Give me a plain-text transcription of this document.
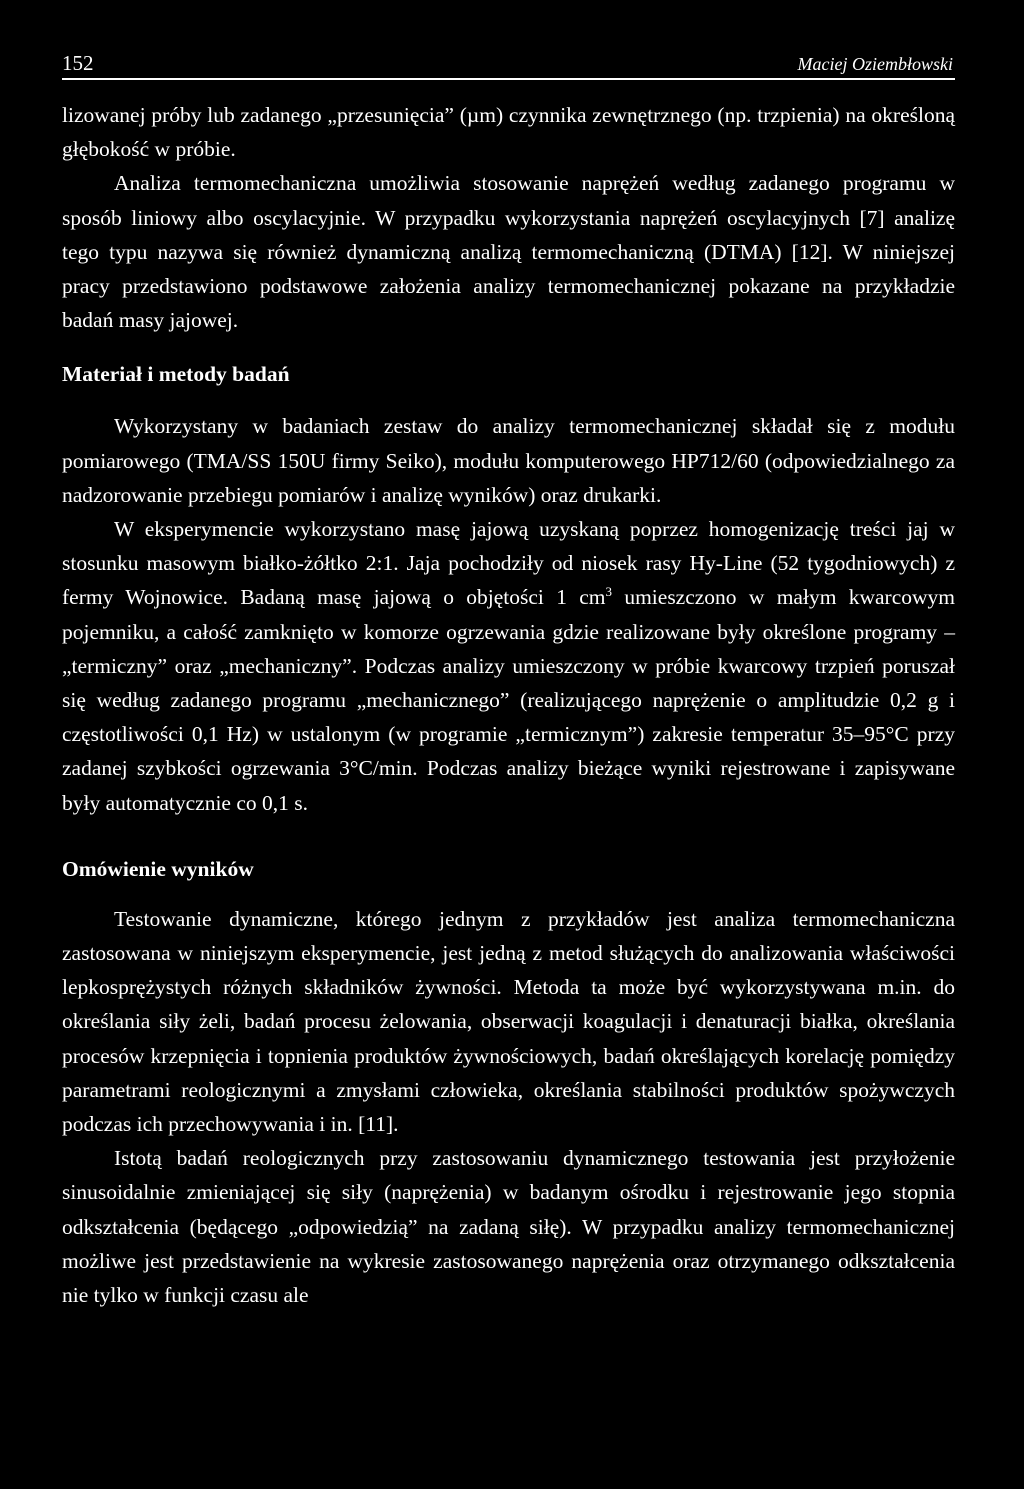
152	Maciej Oziembłowski

lizowanej próby lub zadanego „przesunięcia” (µm) czynnika zewnętrznego (np. trzpienia) na określoną głębokość w próbie.

Analiza termomechaniczna umożliwia stosowanie naprężeń według zadanego programu w sposób liniowy albo oscylacyjnie. W przypadku wykorzystania naprężeń oscylacyjnych [7] analizę tego typu nazywa się również dynamiczną analizą termomechaniczną (DTMA) [12]. W niniejszej pracy przedstawiono podstawowe założenia analizy termomechanicznej pokazane na przykładzie badań masy jajowej.

Materiał i metody badań

Wykorzystany w badaniach zestaw do analizy termomechanicznej składał się z modułu pomiarowego (TMA/SS 150U firmy Seiko), modułu komputerowego HP712/60 (odpowiedzialnego za nadzorowanie przebiegu pomiarów i analizę wyników) oraz drukarki.

W eksperymencie wykorzystano masę jajową uzyskaną poprzez homogenizację treści jaj w stosunku masowym białko-żółtko 2:1. Jaja pochodziły od niosek rasy Hy-Line (52 tygodniowych) z fermy Wojnowice. Badaną masę jajową o objętości 1 $cm^3$ umieszczono w małym kwarcowym pojemniku, a całość zamknięto w komorze ogrzewania gdzie realizowane były określone programy – „termiczny” oraz „mechaniczny”. Podczas analizy umieszczony w próbie kwarcowy trzpień poruszał się według zadanego programu „mechanicznego” (realizującego naprężenie o amplitudzie 0,2 g i częstotliwości 0,1 Hz) w ustalonym (w programie „termicznym”) zakresie temperatur 35–95°C przy zadanej szybkości ogrzewania 3°C/min. Podczas analizy bieżące wyniki rejestrowane i zapisywane były automatycznie co 0,1 s.

Omówienie wyników

Testowanie dynamiczne, którego jednym z przykładów jest analiza termomechaniczna zastosowana w niniejszym eksperymencie, jest jedną z metod służących do analizowania właściwości lepkosprężystych różnych składników żywności. Metoda ta może być wykorzystywana m.in. do określania siły żeli, badań procesu żelowania, obserwacji koagulacji i denaturacji białka, określania procesów krzepnięcia i topnienia produktów żywnościowych, badań określających korelację pomiędzy parametrami reologicznymi a zmysłami człowieka, określania stabilności produktów spożywczych podczas ich przechowywania i in. [11].

Istotą badań reologicznych przy zastosowaniu dynamicznego testowania jest przyłożenie sinusoidalnie zmieniającej się siły (naprężenia) w badanym ośrodku i rejestrowanie jego stopnia odkształcenia (będącego „odpowiedzią” na zadaną siłę). W przypadku analizy termomechanicznej możliwe jest przedstawienie na wykresie zastosowanego naprężenia oraz otrzymanego odkształcenia nie tylko w funkcji czasu ale
